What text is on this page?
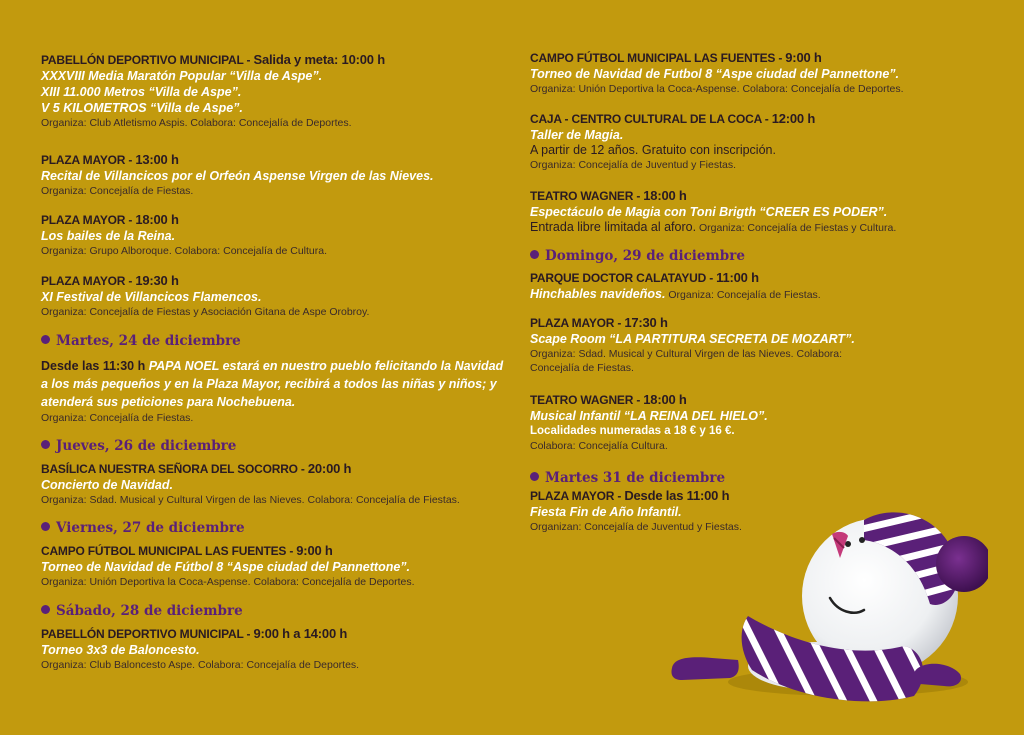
PABELLÓN DEPORTIVO MUNICIPAL - Salida y meta: 10:00 h
XXXVIII Media Maratón Popular “Villa de Aspe”.
XIII 11.000 Metros “Villa de Aspe”.
V 5 KILOMETROS “Villa de Aspe”.
Organiza: Club Atletismo Aspis. Colabora: Concejalía de Deportes.
PLAZA MAYOR - 13:00 h
Recital de Villancicos por el Orfeón Aspense Virgen de las Nieves.
Organiza: Concejalía de Fiestas.
PLAZA MAYOR - 18:00 h
Los bailes de la Reina.
Organiza: Grupo Alboroque. Colabora: Concejalía de Cultura.
PLAZA MAYOR - 19:30 h
XI Festival de Villancicos Flamencos.
Organiza: Concejalía de Fiestas y Asociación Gitana de Aspe Orobroy.
Martes, 24 de diciembre
Desde las 11:30 h PAPA NOEL estará en nuestro pueblo felicitando la Navidad a los más pequeños y en la Plaza Mayor, recibirá a todos las niñas y niños; y atenderá sus peticiones para Nochebuena.
Organiza: Concejalía de Fiestas.
Jueves, 26 de diciembre
BASÍLICA NUESTRA SEÑORA DEL SOCORRO - 20:00 h
Concierto de Navidad.
Organiza: Sdad. Musical y Cultural Virgen de las Nieves. Colabora: Concejalía de Fiestas.
Viernes, 27 de diciembre
CAMPO FÚTBOL MUNICIPAL LAS FUENTES - 9:00 h
Torneo de Navidad de Fútbol 8 “Aspe ciudad del Pannettone”.
Organiza: Unión Deportiva la Coca-Aspense. Colabora: Concejalía de Deportes.
Sábado, 28 de diciembre
PABELLÓN DEPORTIVO MUNICIPAL - 9:00 h a 14:00 h
Torneo 3x3 de Baloncesto.
Organiza: Club Baloncesto Aspe. Colabora: Concejalía de Deportes.
CAMPO FÚTBOL MUNICIPAL LAS FUENTES - 9:00 h
Torneo de Navidad de Futbol 8 “Aspe ciudad del Pannettone”.
Organiza: Unión Deportiva la Coca-Aspense. Colabora: Concejalía de Deportes.
CAJA - CENTRO CULTURAL DE LA COCA - 12:00 h
Taller de Magia.
A partir de 12 años. Gratuito con inscripción.
Organiza: Concejalía de Juventud y Fiestas.
TEATRO WAGNER - 18:00 h
Espectáculo de Magia con Toni Brigth “CREER ES PODER”.
Entrada libre limitada al aforo. Organiza: Concejalía de Fiestas y Cultura.
Domingo, 29 de diciembre
PARQUE DOCTOR CALATAYUD - 11:00 h
Hinchables navideños. Organiza: Concejalía de Fiestas.
PLAZA MAYOR - 17:30 h
Scape Room “LA PARTITURA SECRETA DE MOZART”.
Organiza: Sdad. Musical y Cultural Virgen de las Nieves. Colabora:
Concejalía de Fiestas.
TEATRO WAGNER - 18:00 h
Musical Infantil “LA REINA DEL HIELO”.
Localidades numeradas a 18 € y 16 €.
Colabora: Concejalía Cultura.
Martes 31 de diciembre
PLAZA MAYOR - Desde las 11:00 h
Fiesta Fin de Año Infantil.
Organizan: Concejalía de Juventud y Fiestas.
